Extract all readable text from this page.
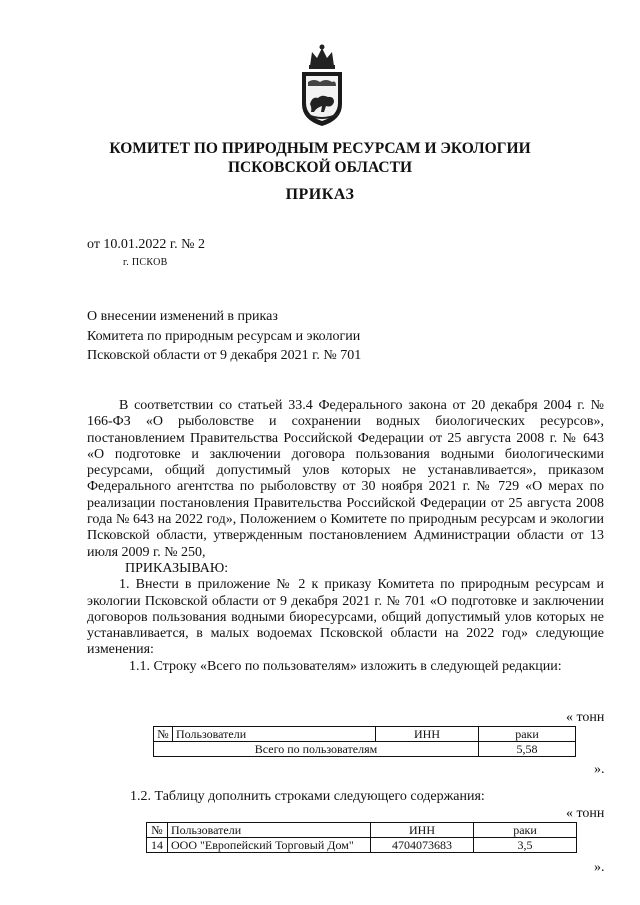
КОМИТЕТ ПО ПРИРОДНЫМ РЕСУРСАМ И ЭКОЛОГИИ
ПСКОВСКОЙ ОБЛАСТИ
ПРИКАЗ
от 10.01.2022 г. № 2
г. ПСКОВ
О внесении изменений в приказ
Комитета по природным ресурсам и экологии
Псковской области от 9 декабря 2021 г. № 701

В соответствии со статьей 33.4 Федерального закона от 20 декабря 2004 г. № 166-ФЗ «О рыболовстве и сохранении водных биологических ресурсов», постановлением Правительства Российской Федерации от 25 августа 2008 г. № 643 «О подготовке и заключении договора пользования водными биологическими ресурсами, общий допустимый улов которых не устанавливается», приказом Федерального агентства по рыболовству от 30 ноября 2021 г. № 729 «О мерах по реализации постановления Правительства Российской Федерации от 25 августа 2008 года № 643 на 2022 год», Положением о Комитете по природным ресурсам и экологии Псковской области, утвержденным постановлением Администрации области от 13 июля 2009 г. № 250,

ПРИКАЗЫВАЮ:

1. Внести в приложение № 2 к приказу Комитета по природным ресурсам и экологии Псковской области от 9 декабря 2021 г. № 701 «О подготовке и заключении договоров пользования водными биоресурсами, общий допустимый улов которых не устанавливается, в малых водоемах Псковской области на 2022 год» следующие изменения:

1.1. Строку «Всего по пользователям» изложить в следующей редакции:

« тонн
№	Пользователи	ИНН	раки
Всего по пользователям			5,58
».
1.2. Таблицу дополнить строками следующего содержания:
« тонн
№	Пользователи	ИНН	раки
14	ООО "Европейский Торговый Дом"	4704073683	3,5
».
